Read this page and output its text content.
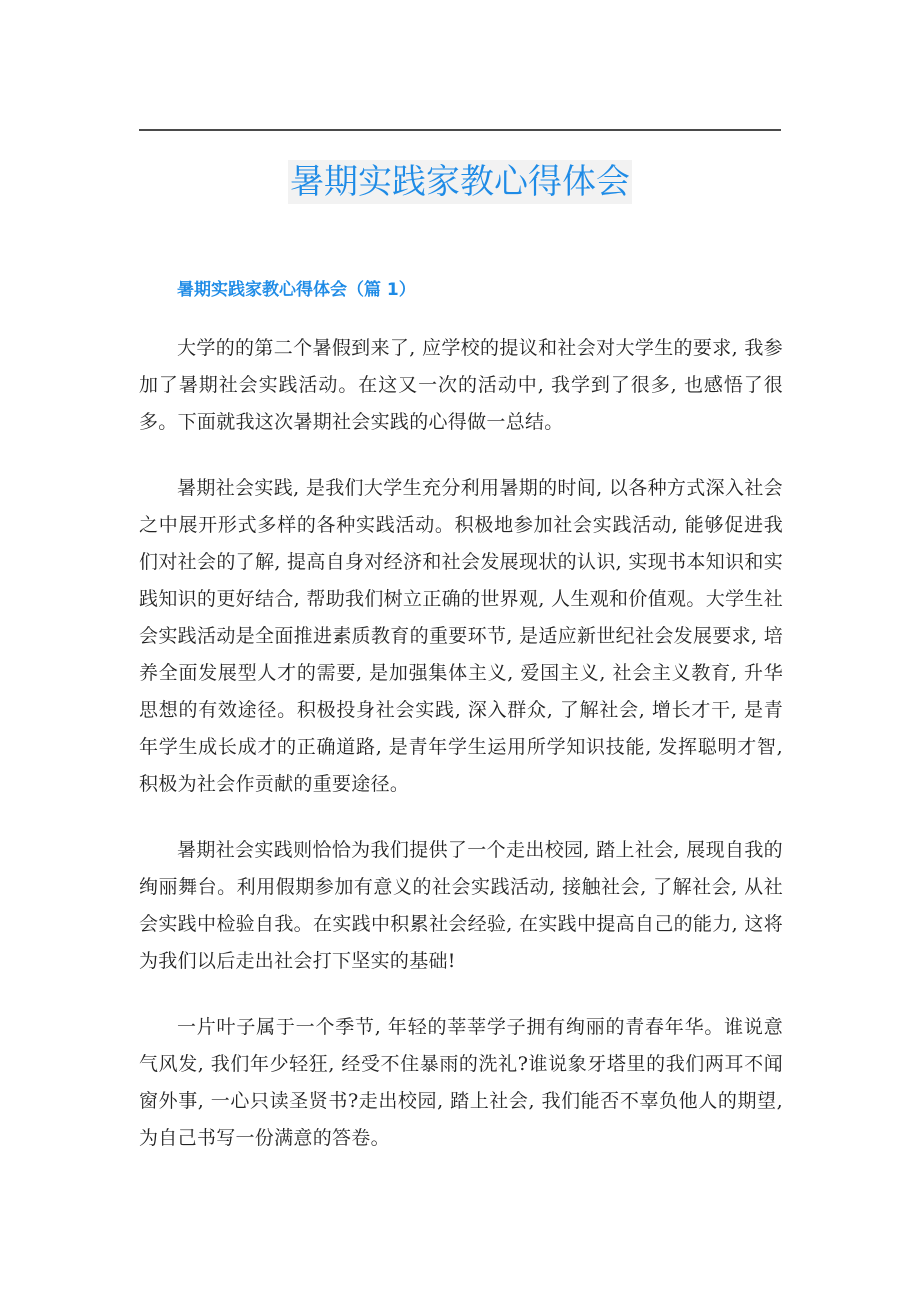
暑期实践家教心得体会
暑期实践家教心得体会（篇 1）

大学的的第二个暑假到来了, 应学校的提议和社会对大学生的要求, 我参加了暑期社会实践活动。在这又一次的活动中, 我学到了很多, 也感悟了很多。下面就我这次暑期社会实践的心得做一总结。

暑期社会实践, 是我们大学生充分利用暑期的时间, 以各种方式深入社会之中展开形式多样的各种实践活动。积极地参加社会实践活动, 能够促进我们对社会的了解, 提高自身对经济和社会发展现状的认识, 实现书本知识和实践知识的更好结合, 帮助我们树立正确的世界观, 人生观和价值观。大学生社会实践活动是全面推进素质教育的重要环节, 是适应新世纪社会发展要求, 培养全面发展型人才的需要, 是加强集体主义, 爱国主义, 社会主义教育, 升华思想的有效途径。积极投身社会实践, 深入群众, 了解社会, 增长才干, 是青年学生成长成才的正确道路, 是青年学生运用所学知识技能, 发挥聪明才智, 积极为社会作贡献的重要途径。

暑期社会实践则恰恰为我们提供了一个走出校园, 踏上社会, 展现自我的绚丽舞台。利用假期参加有意义的社会实践活动, 接触社会, 了解社会, 从社会实践中检验自我。在实践中积累社会经验, 在实践中提高自己的能力, 这将为我们以后走出社会打下坚实的基础!

一片叶子属于一个季节, 年轻的莘莘学子拥有绚丽的青春年华。谁说意气风发, 我们年少轻狂, 经受不住暴雨的洗礼?谁说象牙塔里的我们两耳不闻窗外事, 一心只读圣贤书?走出校园, 踏上社会, 我们能否不辜负他人的期望, 为自己书写一份满意的答卷。
